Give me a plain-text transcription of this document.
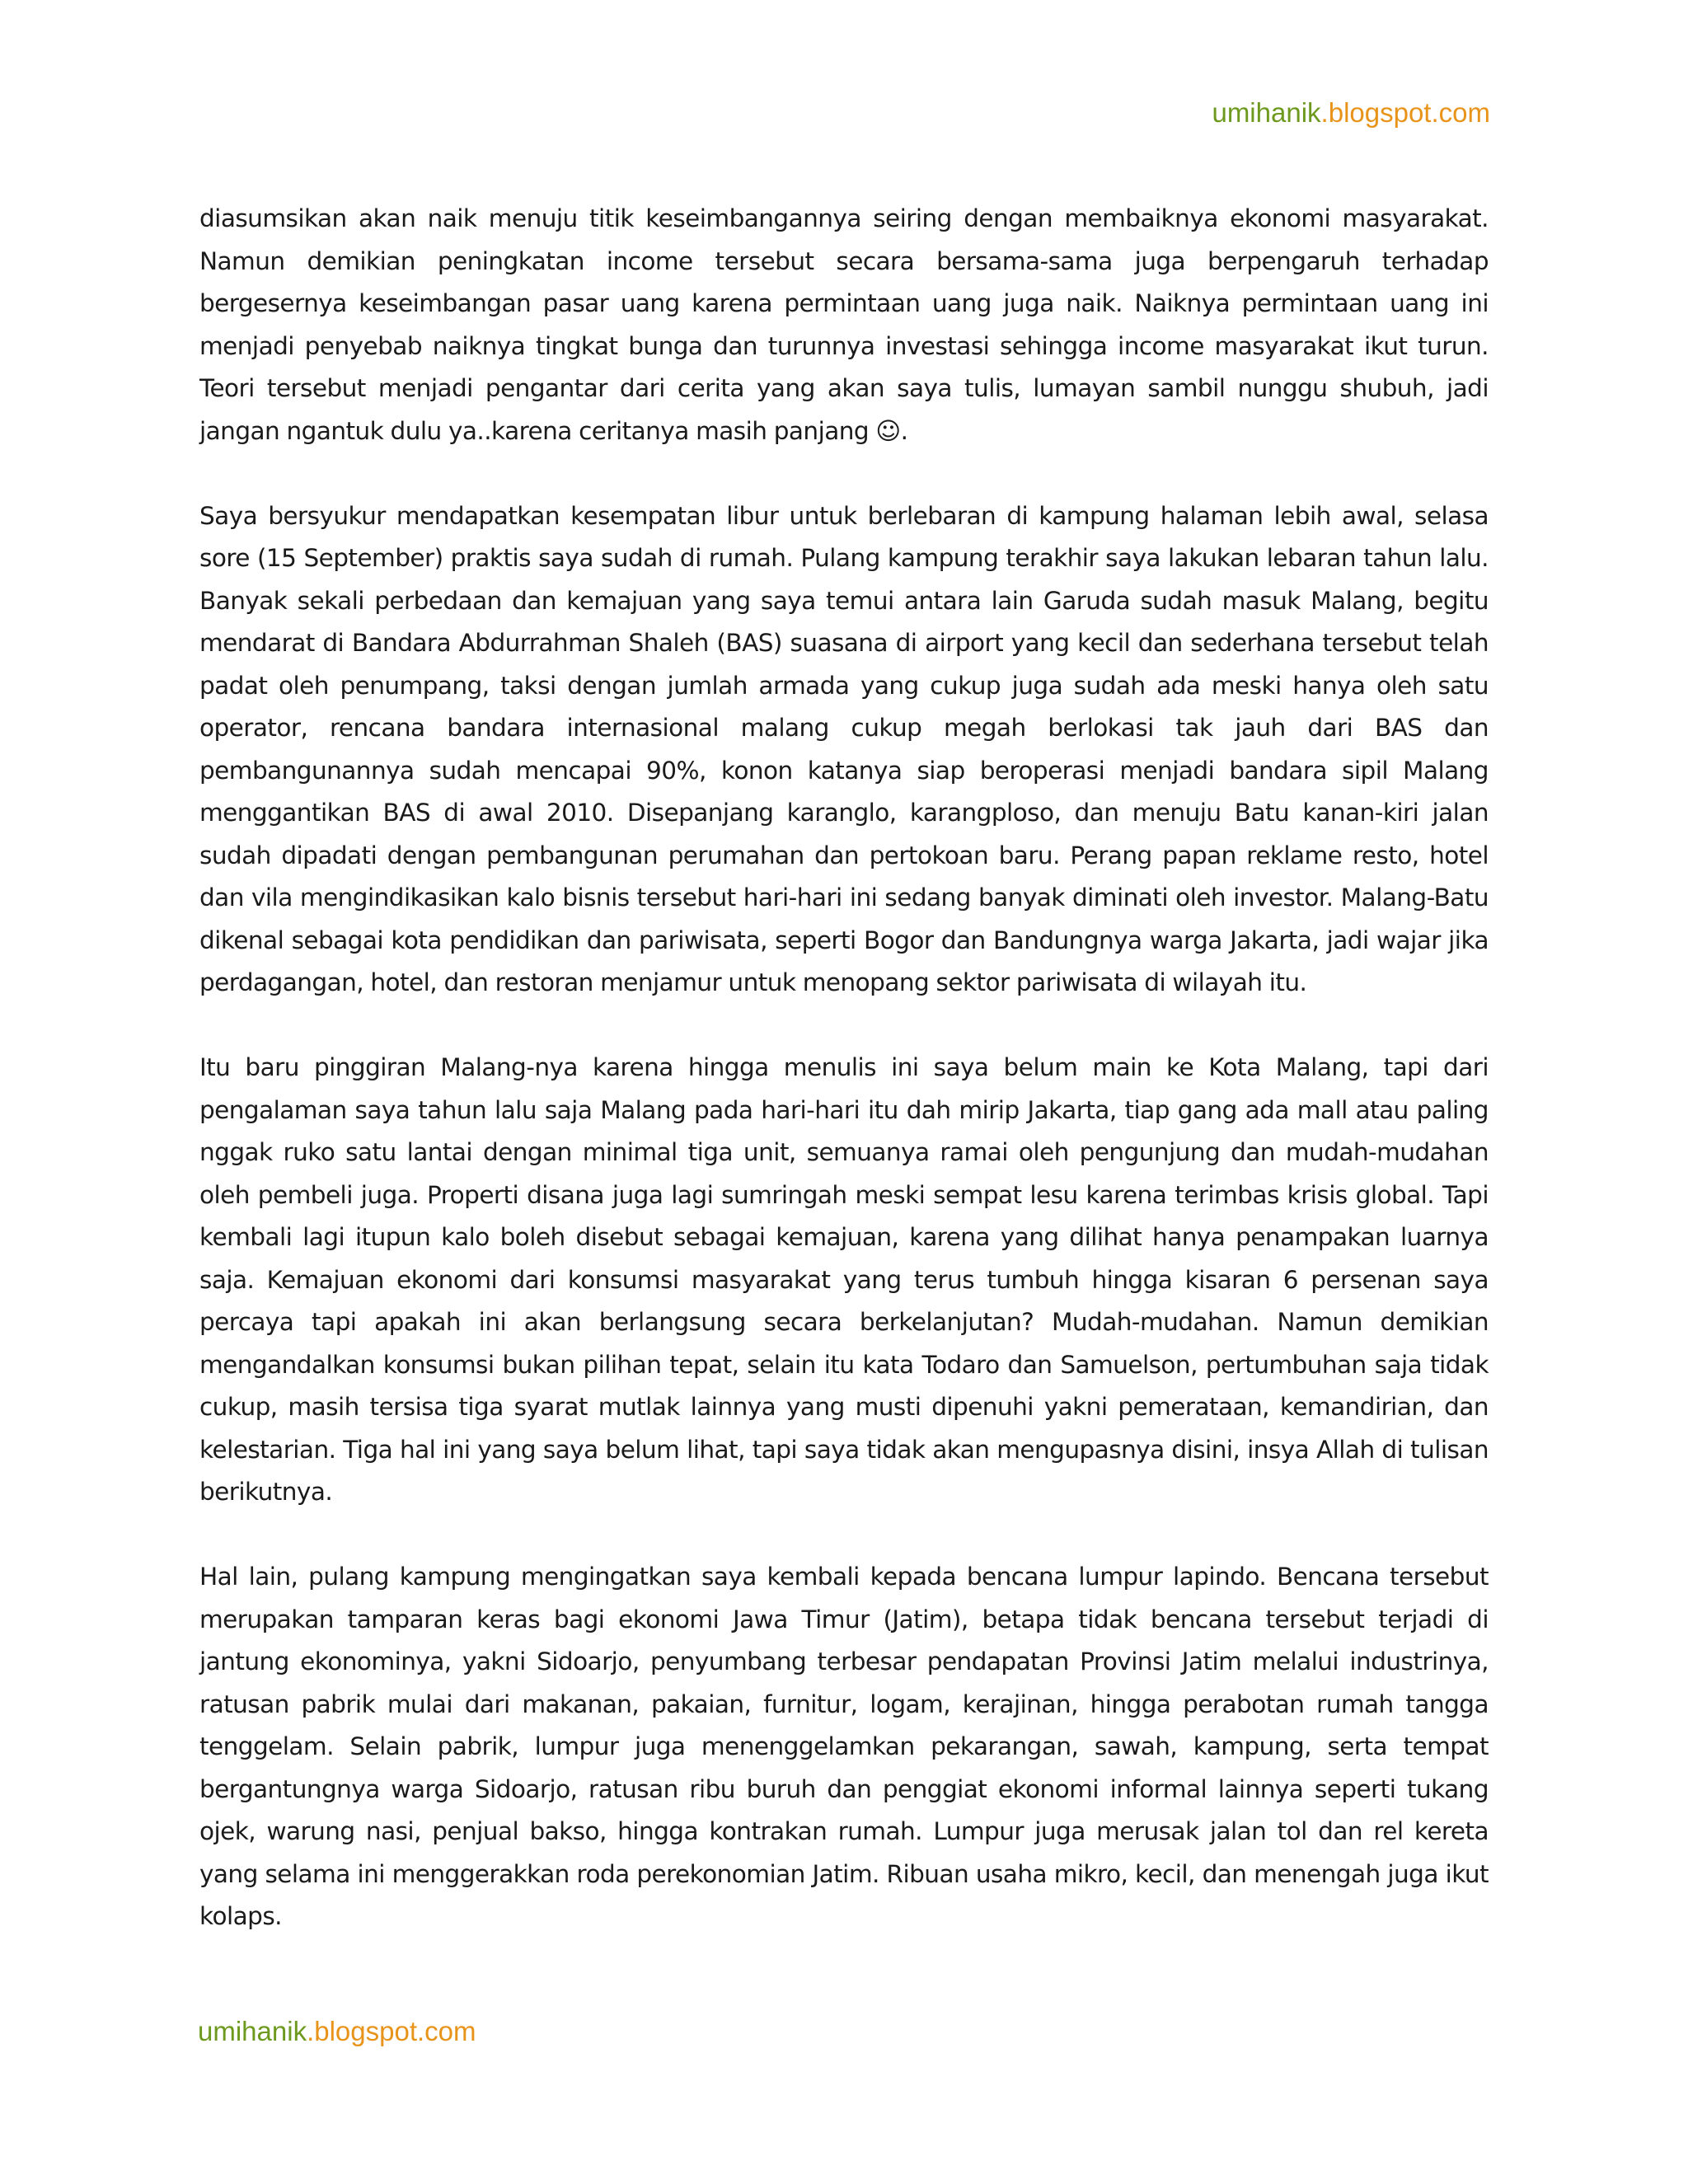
umihanik.blogspot.com

diasumsikan akan naik menuju titik keseimbangannya seiring dengan membaiknya ekonomi masyarakat. Namun demikian peningkatan income tersebut secara bersama-sama juga berpengaruh terhadap bergesernya keseimbangan pasar uang karena permintaan uang juga naik. Naiknya permintaan uang ini menjadi penyebab naiknya tingkat bunga dan turunnya investasi sehingga income masyarakat ikut turun. Teori tersebut menjadi pengantar dari cerita yang akan saya tulis, lumayan sambil nunggu shubuh, jadi jangan ngantuk dulu ya..karena ceritanya masih panjang ☺.

Saya bersyukur mendapatkan kesempatan libur untuk berlebaran di kampung halaman lebih awal, selasa sore (15 September) praktis saya sudah di rumah. Pulang kampung terakhir saya lakukan lebaran tahun lalu. Banyak sekali perbedaan dan kemajuan yang saya temui antara lain Garuda sudah masuk Malang, begitu mendarat di Bandara Abdurrahman Shaleh (BAS) suasana di airport yang kecil dan sederhana tersebut telah padat oleh penumpang, taksi dengan jumlah armada yang cukup juga sudah ada meski hanya oleh satu operator, rencana bandara internasional malang cukup megah berlokasi tak jauh dari BAS dan pembangunannya sudah mencapai 90%, konon katanya siap beroperasi menjadi bandara sipil Malang menggantikan BAS di awal 2010. Disepanjang karanglo, karangploso, dan menuju Batu kanan-kiri jalan sudah dipadati dengan pembangunan perumahan dan pertokoan baru. Perang papan reklame resto, hotel dan vila mengindikasikan kalo bisnis tersebut hari-hari ini sedang banyak diminati oleh investor. Malang-Batu dikenal sebagai kota pendidikan dan pariwisata, seperti Bogor dan Bandungnya warga Jakarta, jadi wajar jika perdagangan, hotel, dan restoran menjamur untuk menopang sektor pariwisata di wilayah itu.

Itu baru pinggiran Malang-nya karena hingga menulis ini saya belum main ke Kota Malang, tapi dari pengalaman saya tahun lalu saja Malang pada hari-hari itu dah mirip Jakarta, tiap gang ada mall atau paling nggak ruko satu lantai dengan minimal tiga unit, semuanya ramai oleh pengunjung dan mudah-mudahan oleh pembeli juga. Properti disana juga lagi sumringah meski sempat lesu karena terimbas krisis global. Tapi kembali lagi itupun kalo boleh disebut sebagai kemajuan, karena yang dilihat hanya penampakan luarnya saja. Kemajuan ekonomi dari konsumsi masyarakat yang terus tumbuh hingga kisaran 6 persenan saya percaya tapi apakah ini akan berlangsung secara berkelanjutan? Mudah-mudahan. Namun demikian mengandalkan konsumsi bukan pilihan tepat, selain itu kata Todaro dan Samuelson, pertumbuhan saja tidak cukup, masih tersisa tiga syarat mutlak lainnya yang musti dipenuhi yakni pemerataan, kemandirian, dan kelestarian. Tiga hal ini yang saya belum lihat, tapi saya tidak akan mengupasnya disini, insya Allah di tulisan berikutnya.

Hal lain, pulang kampung mengingatkan saya kembali kepada bencana lumpur lapindo. Bencana tersebut merupakan tamparan keras bagi ekonomi Jawa Timur (Jatim), betapa tidak bencana tersebut terjadi di jantung ekonominya, yakni Sidoarjo, penyumbang terbesar pendapatan Provinsi Jatim melalui industrinya, ratusan pabrik mulai dari makanan, pakaian, furnitur, logam, kerajinan, hingga perabotan rumah tangga tenggelam. Selain pabrik, lumpur juga menenggelamkan pekarangan, sawah, kampung, serta tempat bergantungnya warga Sidoarjo, ratusan ribu buruh dan penggiat ekonomi informal lainnya seperti tukang ojek, warung nasi, penjual bakso, hingga kontrakan rumah. Lumpur juga merusak jalan tol dan rel kereta yang selama ini menggerakkan roda perekonomian Jatim. Ribuan usaha mikro, kecil, dan menengah juga ikut kolaps.

umihanik.blogspot.com
